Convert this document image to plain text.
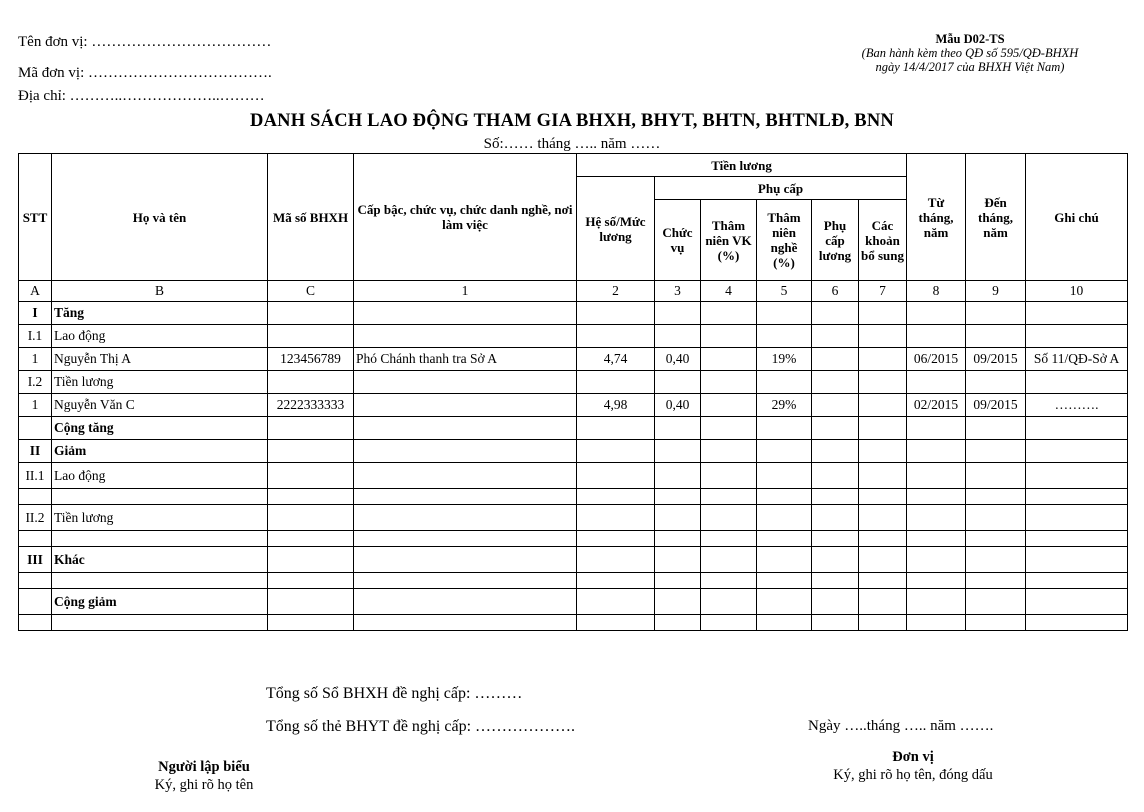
Tên đơn vị: ………………………………
Mã đơn vị: ……………………………….
Địa chỉ: ………..………………..………
Mẫu D02-TS
(Ban hành kèm theo QĐ số 595/QĐ-BHXH
ngày 14/4/2017 của BHXH Việt Nam)
DANH SÁCH LAO ĐỘNG THAM GIA BHXH, BHYT, BHTN, BHTNLĐ, BNN
Số:…… tháng ….. năm ……
STT	Họ và tên	Mã số BHXH	Cấp bậc, chức vụ, chức danh nghề, nơi làm việc	Tiền lương						Từ tháng, năm	Đến tháng, năm	Ghi chú
				Hệ số/Mức lương	Phụ cấp							
					Chức vụ	Thâm niên VK (%)	Thâm niên nghề (%)	Phụ cấp lương	Các khoản bổ sung			
A	B	C	1	2	3	4	5	6	7	8	9	10
I	Tăng											
I.1	Lao động											
1	Nguyễn Thị A	123456789	Phó Chánh thanh tra Sở A	4,74	0,40		19%			06/2015	09/2015	Số 11/QĐ-Sở A
I.2	Tiền lương											
1	Nguyễn Văn C	2222333333		4,98	0,40		29%			02/2015	09/2015	……….
	Cộng tăng											
II	Giảm											
II.1	Lao động											

II.2	Tiền lương											

III	Khác											

	Cộng giảm											

Tổng số Sổ BHXH đề nghị cấp: ………
Tổng số thẻ BHYT đề nghị cấp: ……………….	Ngày …..tháng ….. năm …….
Người lập biểu
Ký, ghi rõ họ tên
Đơn vị
Ký, ghi rõ họ tên, đóng dấu
